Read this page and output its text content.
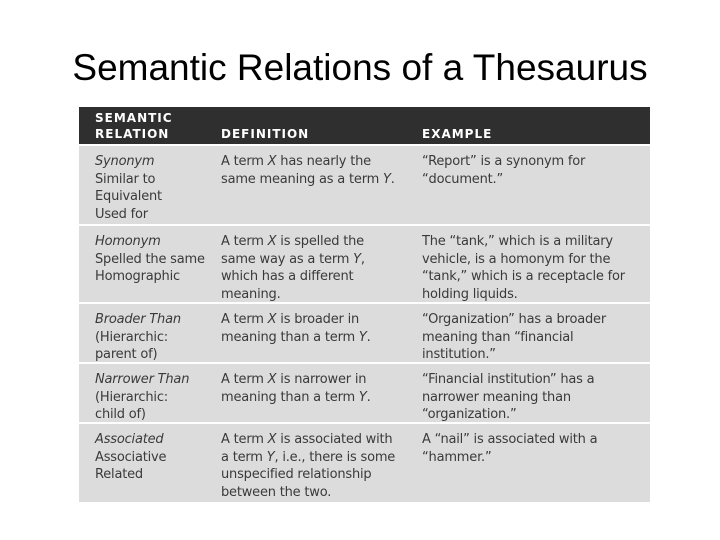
Semantic Relations of a Thesaurus
SEMANTIC
RELATION	DEFINITION	EXAMPLE
Synonym
Similar to
Equivalent
Used for
A term X has nearly the
same meaning as a term Y.
“Report” is a synonym for
“document.”
Homonym
Spelled the same
Homographic
A term X is spelled the
same way as a term Y,
which has a different
meaning.
The “tank,” which is a military
vehicle, is a homonym for the
“tank,” which is a receptacle for
holding liquids.
Broader Than
(Hierarchic:
parent of)
A term X is broader in
meaning than a term Y.
“Organization” has a broader
meaning than “financial
institution.”
Narrower Than
(Hierarchic:
child of)
A term X is narrower in
meaning than a term Y.
“Financial institution” has a
narrower meaning than
“organization.”
Associated
Associative
Related
A term X is associated with
a term Y, i.e., there is some
unspecified relationship
between the two.
A “nail” is associated with a
“hammer.”
